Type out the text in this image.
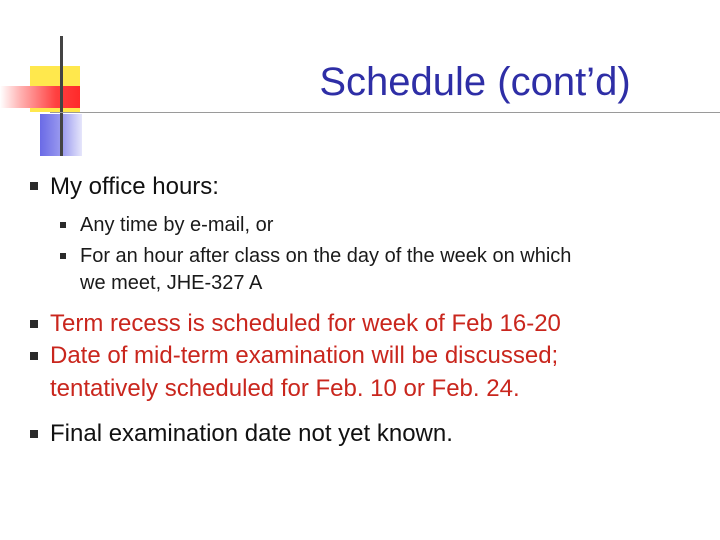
Schedule (cont’d)
My office hours:
Any time by e-mail, or
For an hour after class on the day of the week on which
we meet, JHE-327 A
Term recess is scheduled for week of Feb 16-20
Date of mid-term examination will be discussed;
tentatively scheduled for Feb. 10 or Feb. 24.
Final examination date not yet known.
